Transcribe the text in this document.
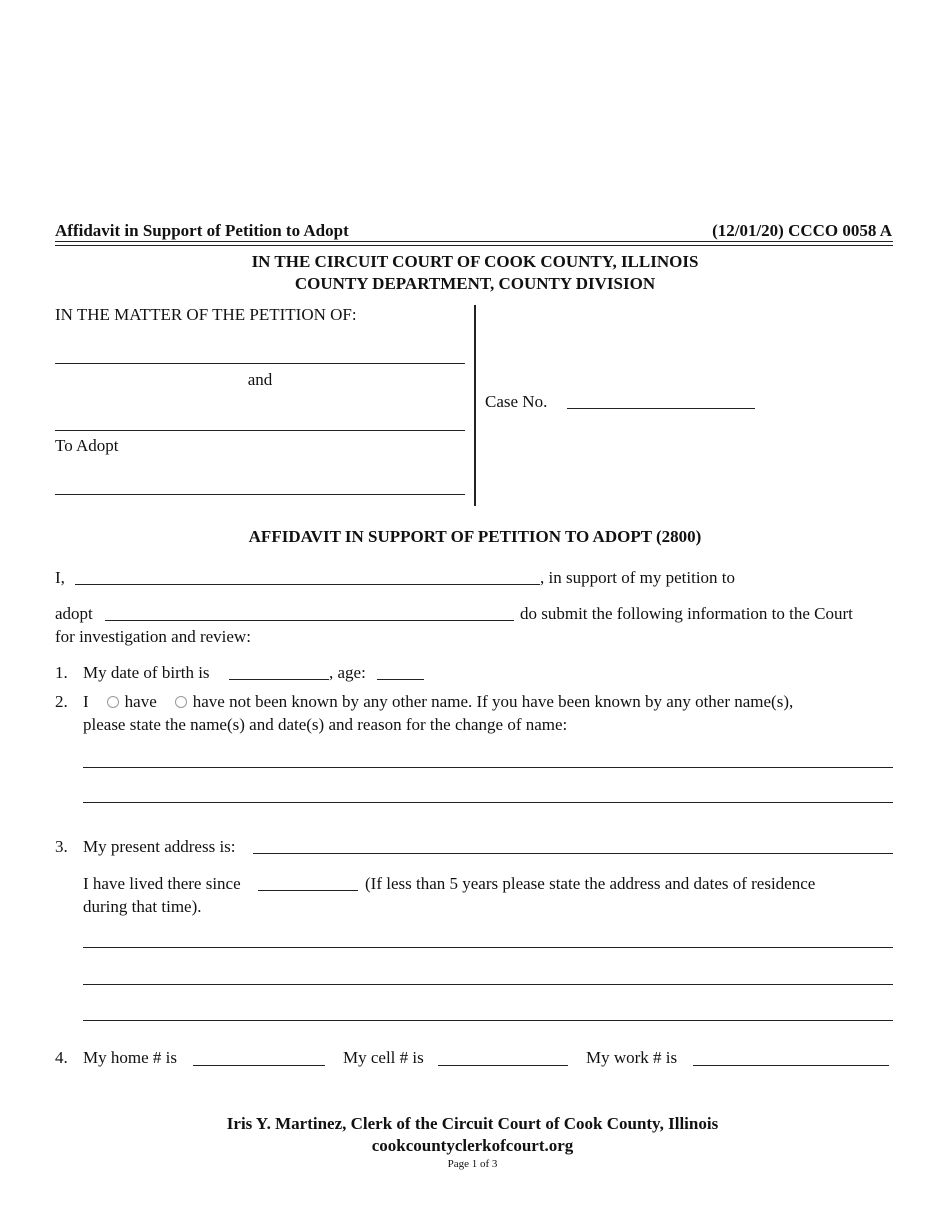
Affidavit in Support of Petition to Adopt	(12/01/20) CCCO 0058 A
IN THE CIRCUIT COURT OF COOK COUNTY, ILLINOIS
COUNTY DEPARTMENT, COUNTY DIVISION
IN THE MATTER OF THE PETITION OF:
and
To Adopt
Case No.
AFFIDAVIT IN SUPPORT OF PETITION TO ADOPT (2800)
I,	, in support of my petition to
adopt	do submit the following information to the Court
for investigation and review:
1. My date of birth is	, age:
2. I have have not been known by any other name. If you have been known by any other name(s),
please state the name(s) and date(s) and reason for the change of name:
3. My present address is:
I have lived there since	(If less than 5 years please state the address and dates of residence
during that time).
4. My home # is	My cell # is	My work # is
Iris Y. Martinez, Clerk of the Circuit Court of Cook County, Illinois
cookcountyclerkofcourt.org
Page 1 of 3
